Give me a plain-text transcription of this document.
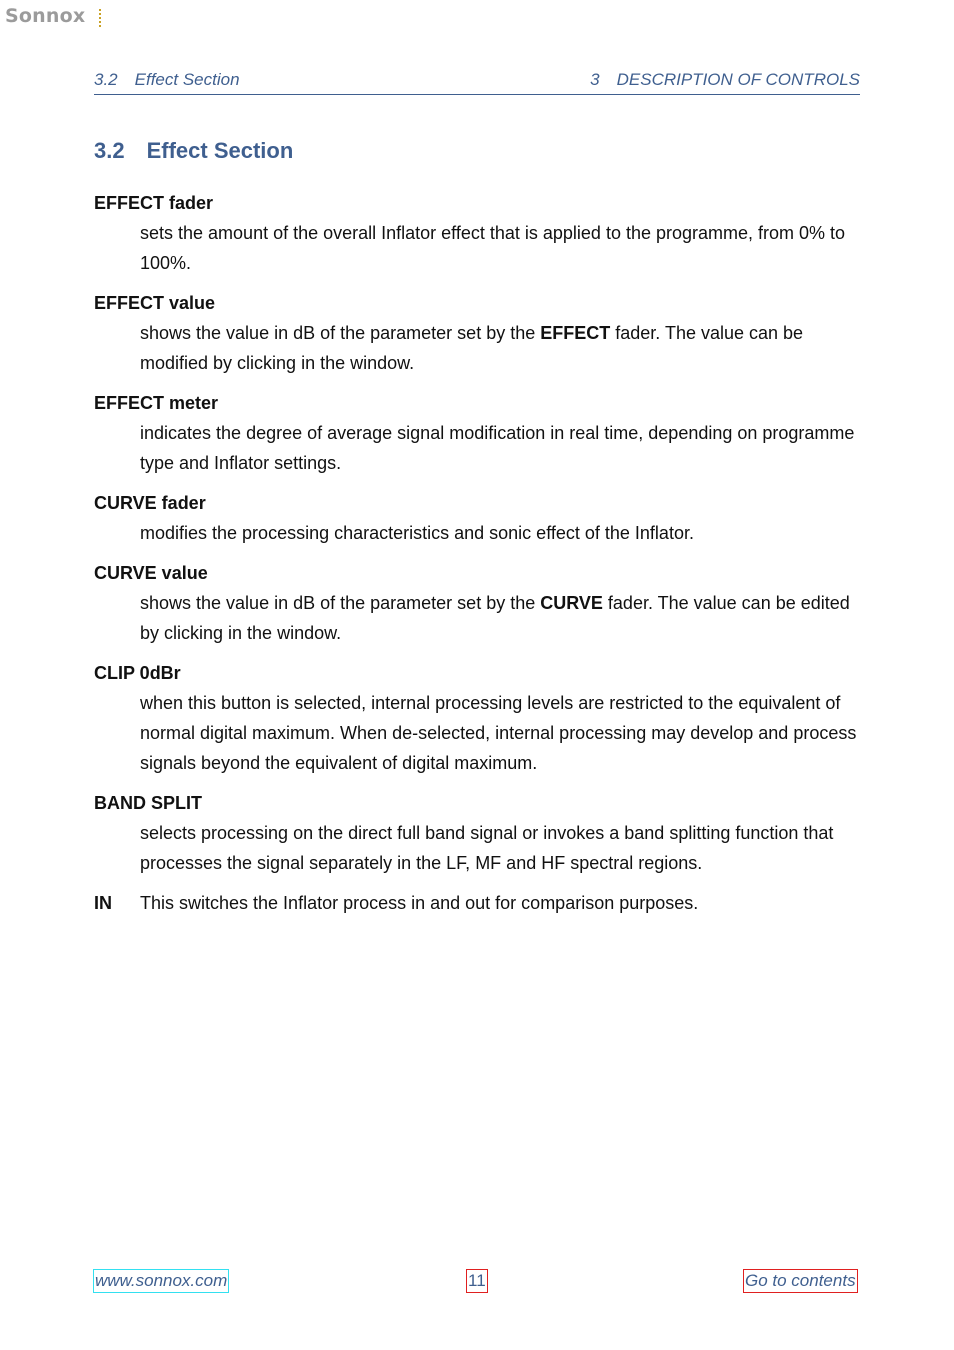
Sonnox
3.2 Effect Section	3 DESCRIPTION OF CONTROLS
3.2 Effect Section
EFFECT fader
sets the amount of the overall Inflator effect that is applied to the programme, from 0% to 100%.
EFFECT value
shows the value in dB of the parameter set by the EFFECT fader. The value can be modified by clicking in the window.
EFFECT meter
indicates the degree of average signal modification in real time, depending on programme type and Inflator settings.
CURVE fader
modifies the processing characteristics and sonic effect of the Inflator.
CURVE value
shows the value in dB of the parameter set by the CURVE fader. The value can be edited by clicking in the window.
CLIP 0dBr
when this button is selected, internal processing levels are restricted to the equivalent of normal digital maximum. When de-selected, internal processing may develop and process signals beyond the equivalent of digital maximum.
BAND SPLIT
selects processing on the direct full band signal or invokes a band splitting function that processes the signal separately in the LF, MF and HF spectral regions.
IN	This switches the Inflator process in and out for comparison purposes.
www.sonnox.com	11	Go to contents
